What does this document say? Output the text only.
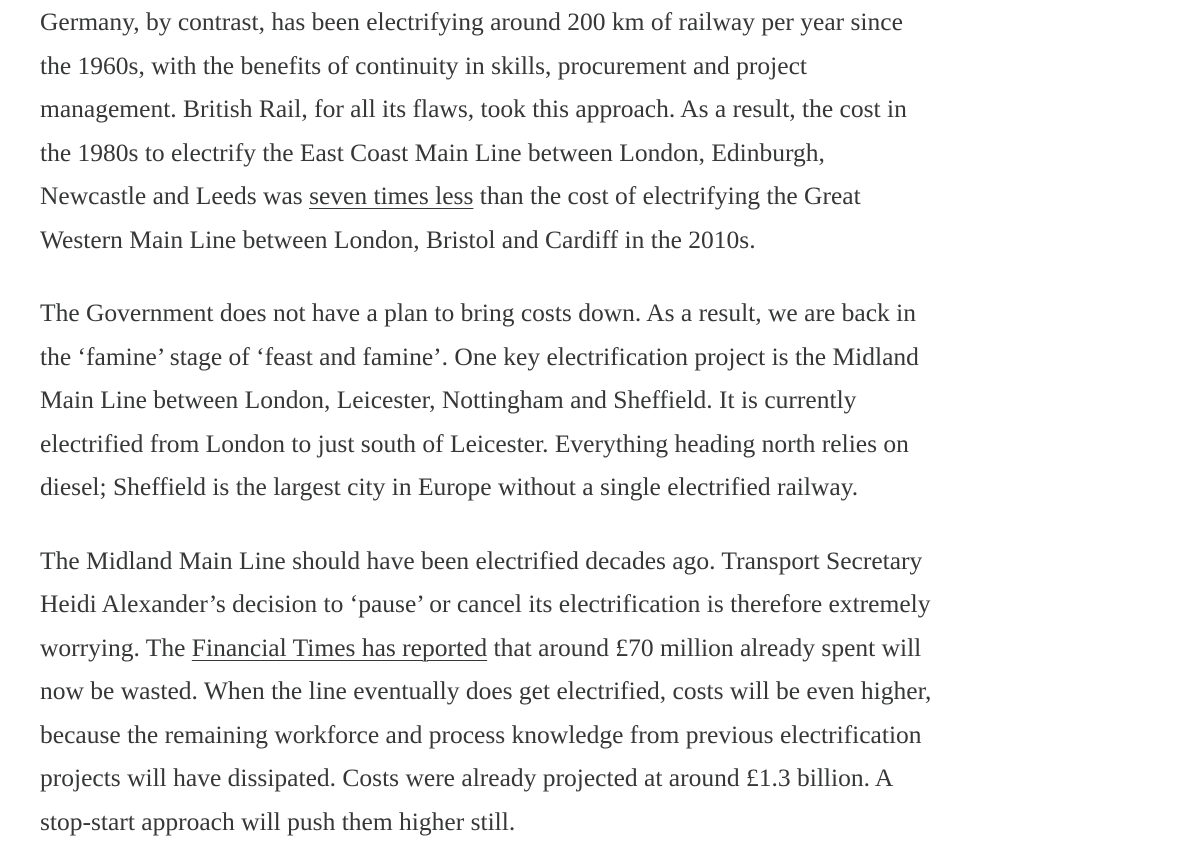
Germany, by contrast, has been electrifying around 200 km of railway per year since
the 1960s, with the benefits of continuity in skills, procurement and project
management. British Rail, for all its flaws, took this approach. As a result, the cost in
the 1980s to electrify the East Coast Main Line between London, Edinburgh,
Newcastle and Leeds was seven times less than the cost of electrifying the Great
Western Main Line between London, Bristol and Cardiff in the 2010s.

The Government does not have a plan to bring costs down. As a result, we are back in
the ‘famine’ stage of ‘feast and famine’. One key electrification project is the Midland
Main Line between London, Leicester, Nottingham and Sheffield. It is currently
electrified from London to just south of Leicester. Everything heading north relies on
diesel; Sheffield is the largest city in Europe without a single electrified railway.

The Midland Main Line should have been electrified decades ago. Transport Secretary
Heidi Alexander’s decision to ‘pause’ or cancel its electrification is therefore extremely
worrying. The Financial Times has reported that around £70 million already spent will
now be wasted. When the line eventually does get electrified, costs will be even higher,
because the remaining workforce and process knowledge from previous electrification
projects will have dissipated. Costs were already projected at around £1.3 billion. A
stop-start approach will push them higher still.
